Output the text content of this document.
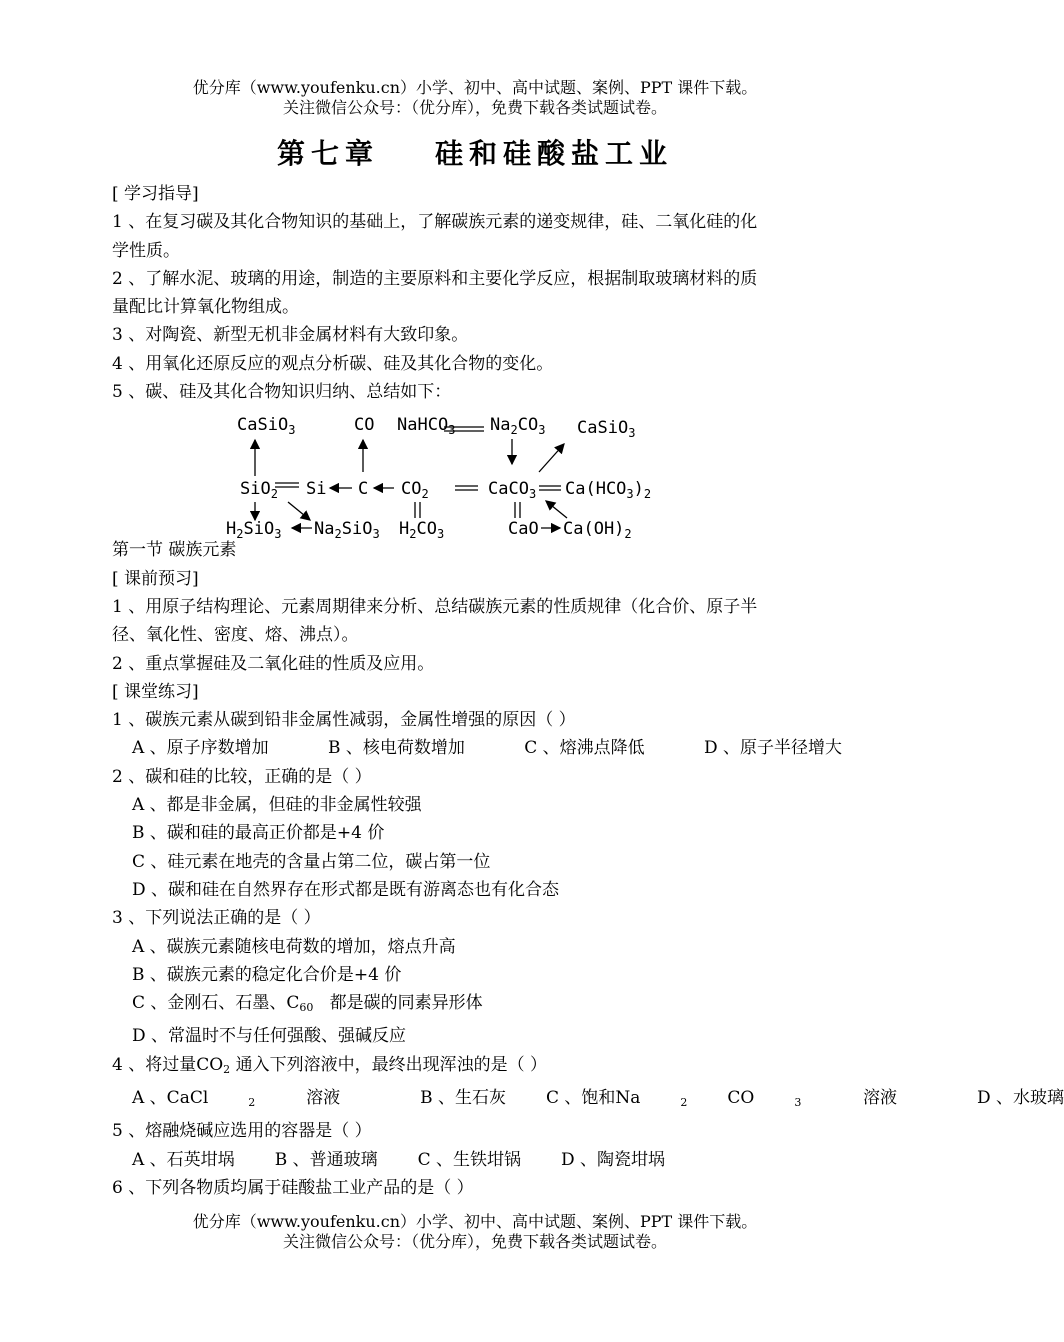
优分库（www.youfenku.cn）小学、初中、高中试题、案例、PPT 课件下载。
关注微信公众号：（优分库），免费下载各类试题试卷。
第七章 硅和硅酸盐工业

[ 学习指导]

1 、在复习碳及其化合物知识的基础上，了解碳族元素的递变规律，硅、二氧化硅的化

学性质。

2 、了解水泥、玻璃的用途，制造的主要原料和主要化学反应，根据制取玻璃材料的质

量配比计算氧化物组成。

3 、对陶瓷、新型无机非金属材料有大致印象。

4 、用氧化还原反应的观点分析碳、硅及其化合物的变化。

5 、碳、硅及其化合物知识归纳、总结如下：

CaSiO$_3$	CO NaHCO$_3$ $Na_2CO_3$ CaSiO$_3$
SiO$_2$ Si C $CO_2$	CaCO$_3$ $Ca(HCO_3)_2$
$H_2SiO_3$ $Na_2SiO_3$ $H_2CO_3$	CaO $Ca(OH)_2$

第一节 碳族元素

[ 课前预习]

1 、用原子结构理论、元素周期律来分析、总结碳族元素的性质规律（化合价、原子半

径、氧化性、密度、熔、沸点）。

2 、重点掌握硅及二氧化硅的性质及应用。

[ 课堂练习]

1 、碳族元素从碳到铅非金属性减弱，金属性增强的原因（ ）

A 、原子序数增加	B 、核电荷数增加	C 、熔沸点降低	D 、原子半径增大

2 、碳和硅的比较，正确的是（ ）

A 、都是非金属，但硅的非金属性较强

B 、碳和硅的最高正价都是+4 价

C 、硅元素在地壳的含量占第二位，碳占第一位

D 、碳和硅在自然界存在形式都是既有游离态也有化合态

3 、下列说法正确的是（ ）

A 、碳族元素随核电荷数的增加，熔点升高

B 、碳族元素的稳定化合价是+4 价

C 、金刚石、石墨、$C_{60}$   都是碳的同素异形体

D 、常温时不与任何强酸、强碱反应

4 、将过量$CO_2$ 通入下列溶液中，最终出现浑浊的是（ ）

A 、CaCl	$_2$  溶液	B 、生石灰 C 、饱和Na	$_2$ CO	$_3$    溶液	D 、水玻璃

5 、熔融烧碱应选用的容器是（ ）

A 、石英坩埚 B 、普通玻璃 C 、生铁坩锅 D 、陶瓷坩埚

6 、下列各物质均属于硅酸盐工业产品的是（ ）

优分库（www.youfenku.cn）小学、初中、高中试题、案例、PPT 课件下载。
关注微信公众号：（优分库），免费下载各类试题试卷。
